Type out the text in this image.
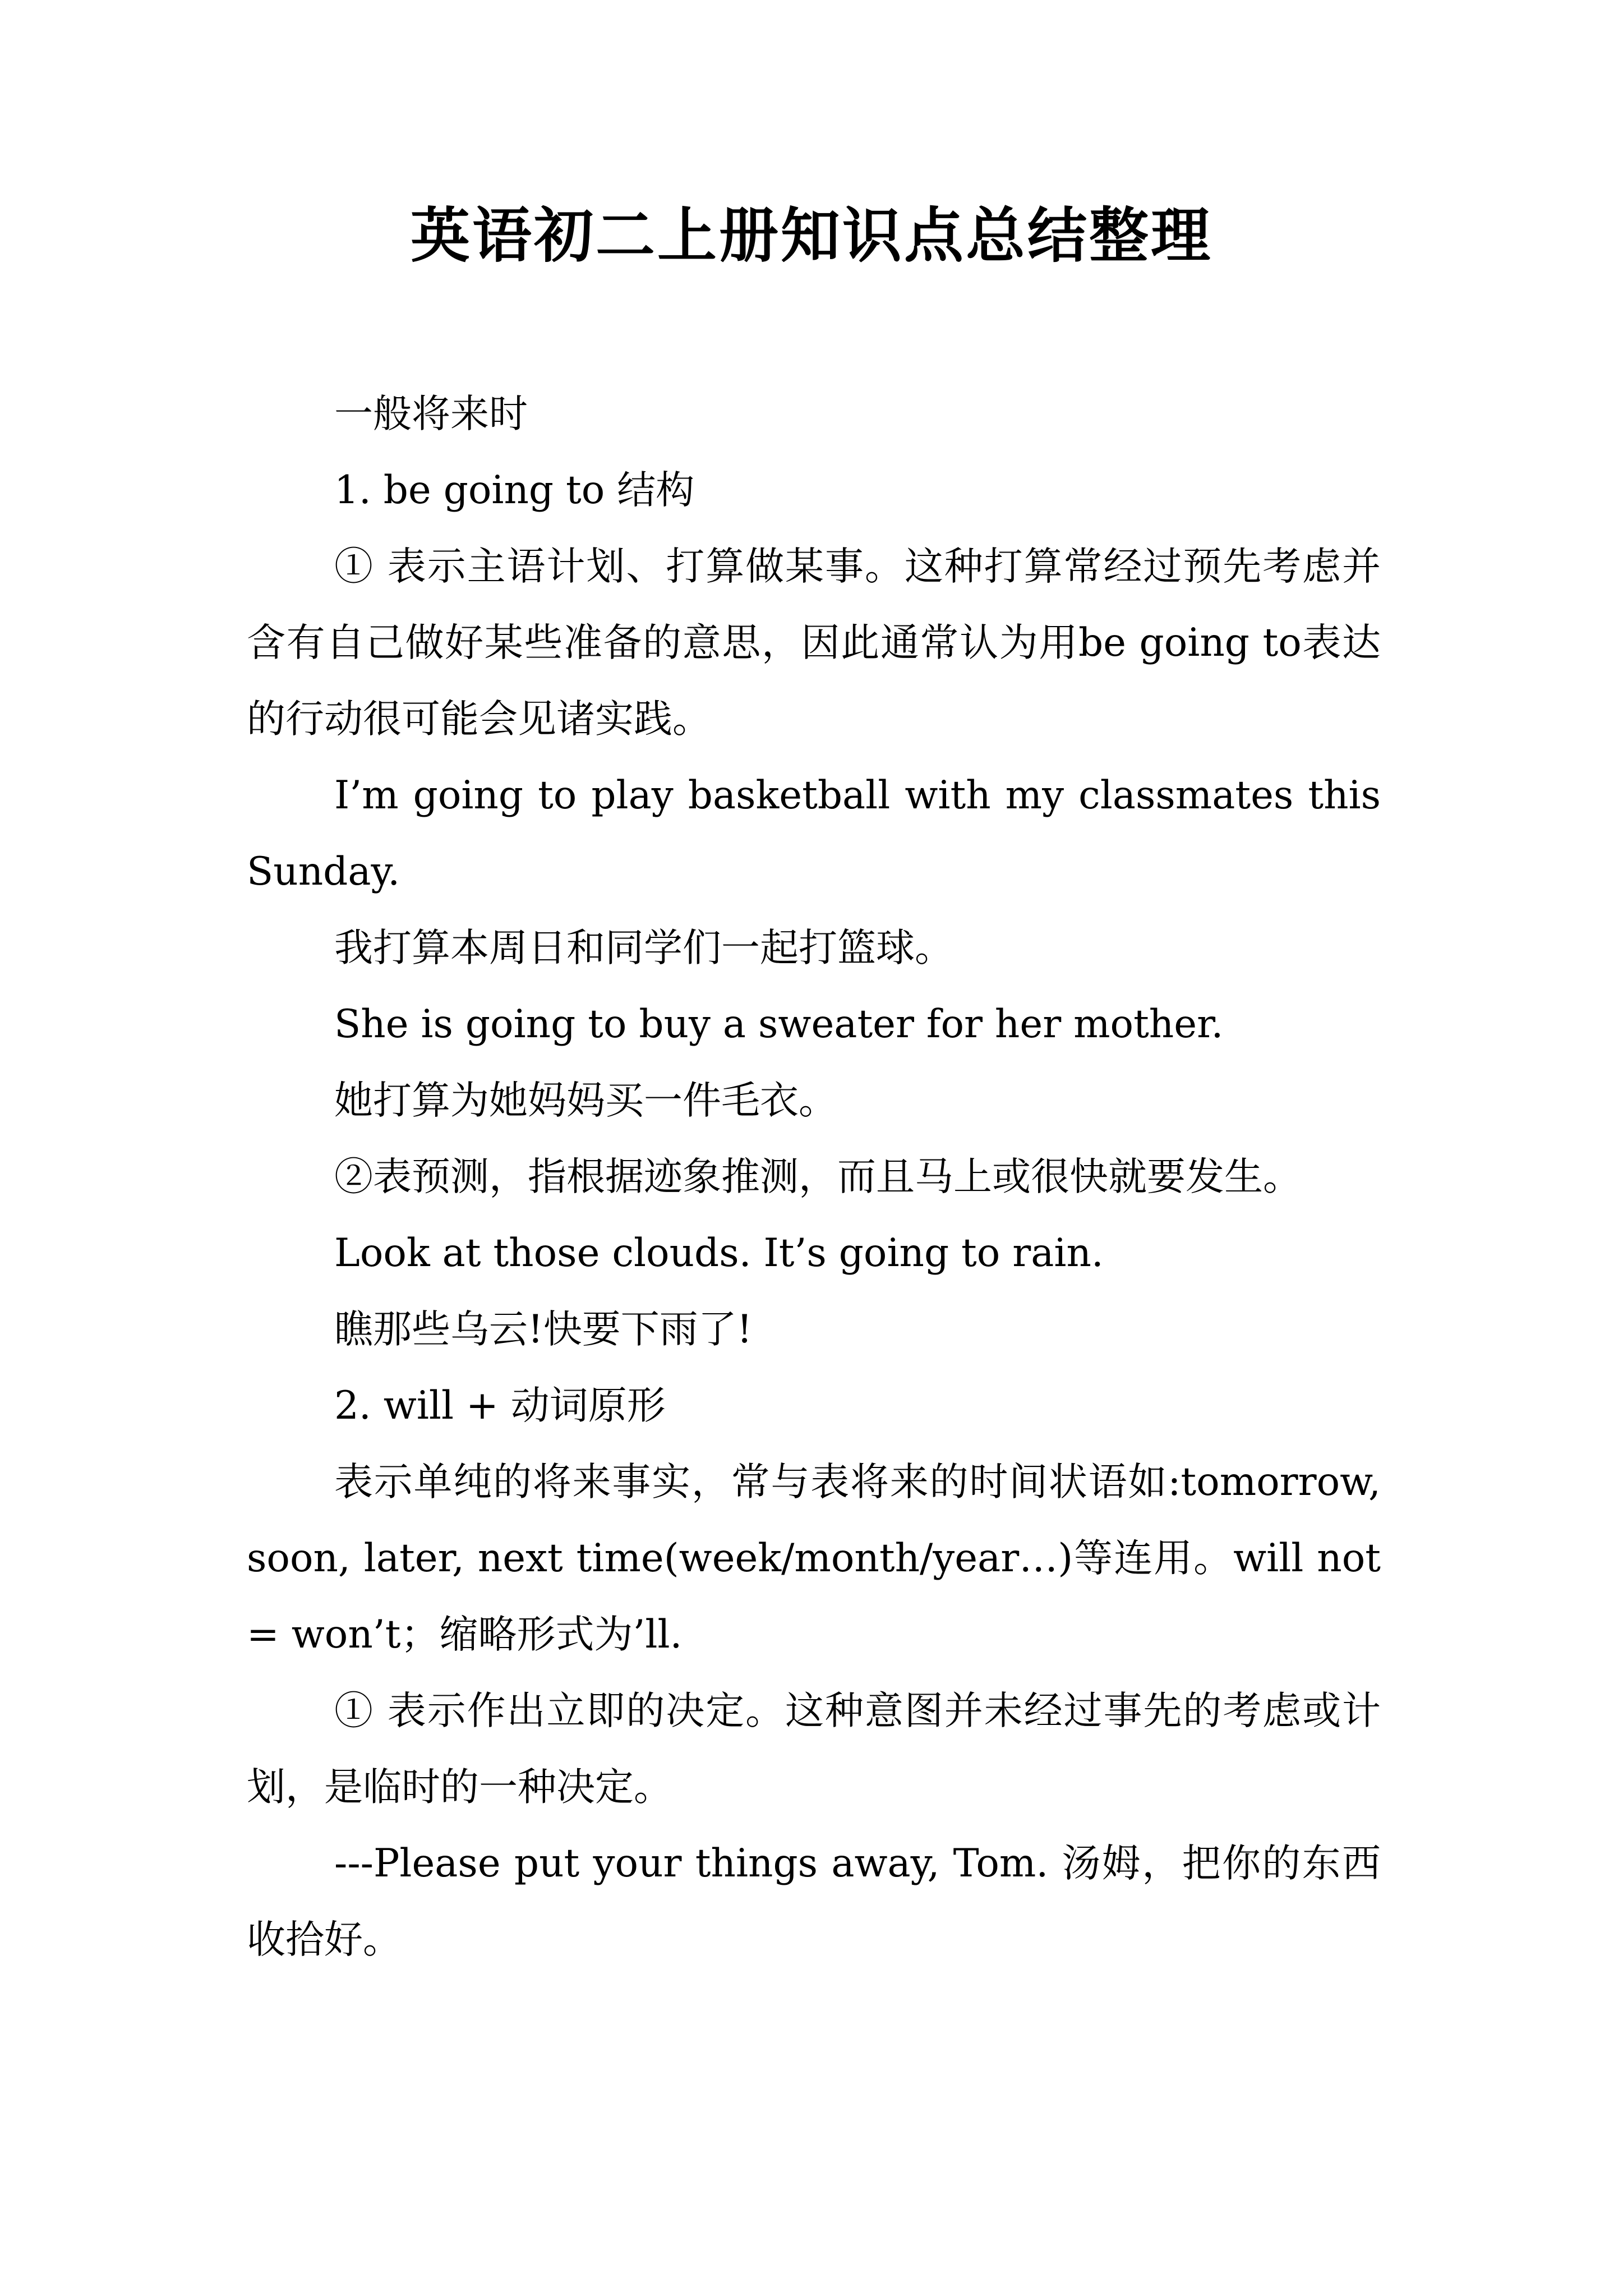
英语初二上册知识点总结整理

一般将来时

1. be going to 结构

① 表示主语计划、打算做某事。这种打算常经过预先考虑并含有自己做好某些准备的意思，因此通常认为用be going to表达的行动很可能会见诸实践。

I’m going to play basketball with my classmates this Sunday.

我打算本周日和同学们一起打篮球。

She is going to buy a sweater for her mother.

她打算为她妈妈买一件毛衣。

②表预测，指根据迹象推测，而且马上或很快就要发生。

Look at those clouds. It’s going to rain.

瞧那些乌云!快要下雨了!

2. will + 动词原形

表示单纯的将来事实，常与表将来的时间状语如:tomorrow, soon, later, next time(week/month/year…)等连用。will not = won’t；缩略形式为’ll.

① 表示作出立即的决定。这种意图并未经过事先的考虑或计划，是临时的一种决定。

---Please put your things away, Tom. 汤姆，把你的东西收拾好。
